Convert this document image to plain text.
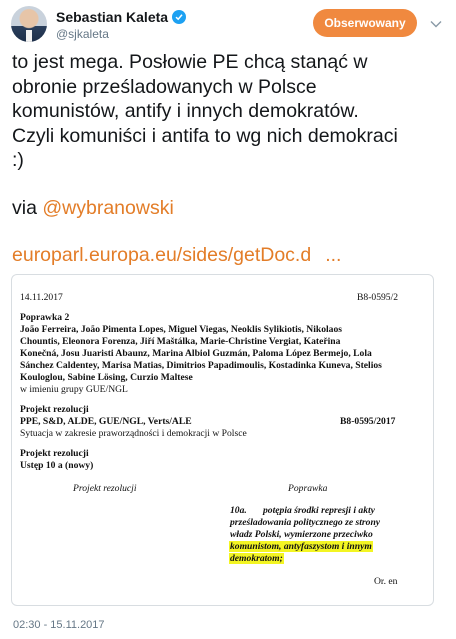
Sebastian Kaleta
@sjkaleta
Obserwowany
to jest mega. Posłowie PE chcą stanąć w
obronie prześladowanych w Polsce
komunistów, antify i innych demokratów.
Czyli komuniści i antifa to wg nich demokraci
:)
via @wybranowski
europarl.europa.eu/sides/getDoc.d ...
14.11.2017	B8-0595/2
Poprawka 2
João Ferreira, João Pimenta Lopes, Miguel Viegas, Neoklis Sylikiotis, Nikolaos
Chountis, Eleonora Forenza, Jiří Maštálka, Marie-Christine Vergiat, Kateřina
Konečná, Josu Juaristi Abaunz, Marina Albiol Guzmán, Paloma López Bermejo, Lola
Sánchez Caldentey, Marisa Matias, Dimitrios Papadimoulis, Kostadinka Kuneva, Stelios
Kouloglou, Sabine Lösing, Curzio Maltese
w imieniu grupy GUE/NGL
Projekt rezolucji
PPE, S&D, ALDE, GUE/NGL, Verts/ALE	B8-0595/2017
Sytuacja w zakresie praworządności i demokracji w Polsce
Projekt rezolucji
Ustęp 10 a (nowy)
Projekt rezolucji	Poprawka
10a. potępia środki represji i akty
prześladowania politycznego ze strony
władz Polski, wymierzone przeciwko
komunistom, antyfaszystom i innym
demokratom;
Or. en
02:30 - 15.11.2017
